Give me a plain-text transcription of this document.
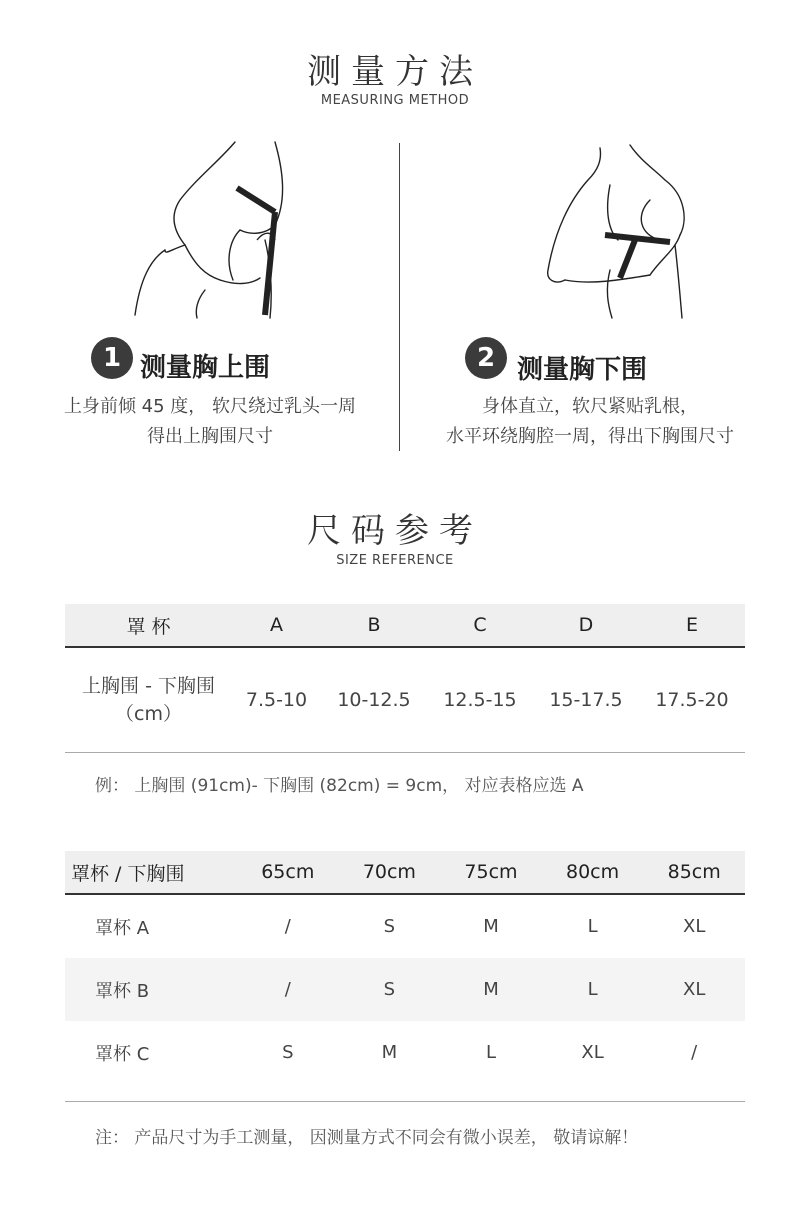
测量方法
MEASURING METHOD
1 测量胸上围
上身前倾 45 度， 软尺绕过乳头一周
得出上胸围尺寸
2 测量胸下围
身体直立，软尺紧贴乳根，
水平环绕胸腔一周，得出下胸围尺寸
尺码参考
SIZE REFERENCE
罩 杯	A	B	C	D	E

上胸围 - 下胸围
（cm）	7.5-10	10-12.5	12.5-15	15-17.5	17.5-20
例： 上胸围 (91cm)- 下胸围 (82cm) = 9cm， 对应表格应选 A
罩杯 / 下胸围	65cm	70cm	75cm	80cm	85cm
罩杯 A	/	S	M	L	XL
罩杯 B	/	S	M	L	XL
罩杯 C	S	M	L	XL	/
注： 产品尺寸为手工测量， 因测量方式不同会有微小误差， 敬请谅解！
